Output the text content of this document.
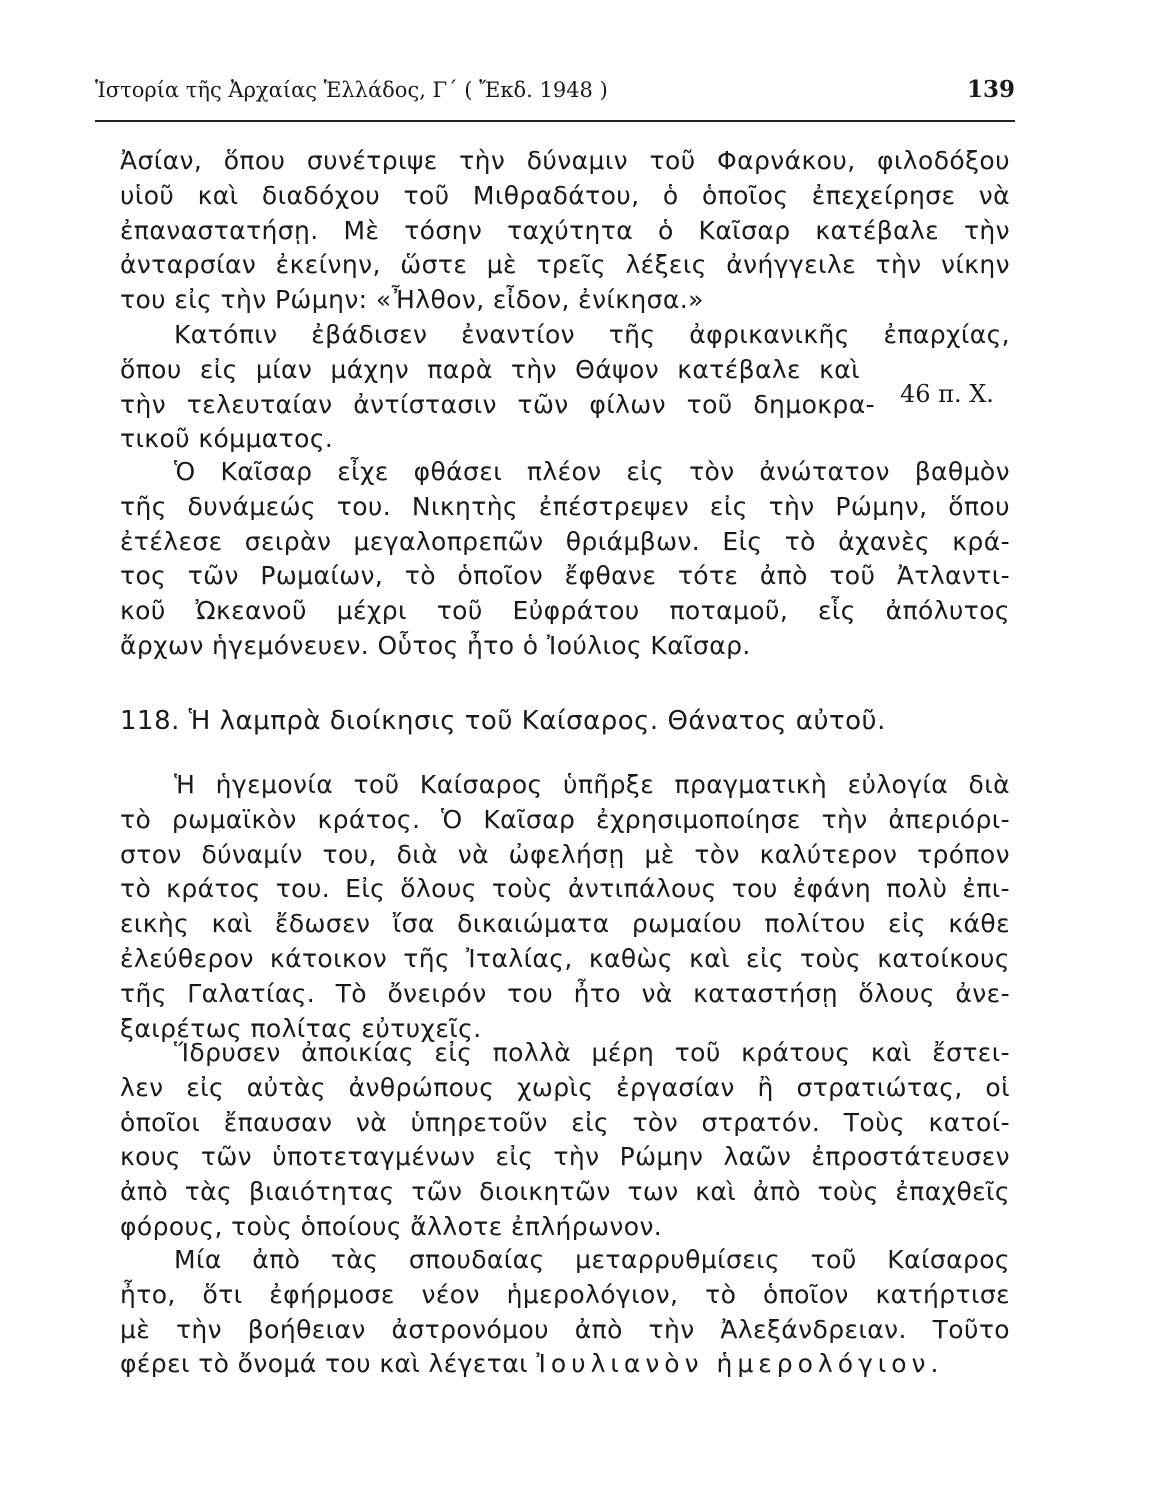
Ἱστορία τῆς Ἀρχαίας Ἑλλάδος, Γ΄ ( Ἔκδ. 1948 )	139
Ἀσίαν, ὅπου συνέτριψε τὴν δύναμιν τοῦ Φαρνάκου, φιλοδόξου
υἱοῦ καὶ διαδόχου τοῦ Μιθραδάτου, ὁ ὁποῖος ἐπεχείρησε νὰ
ἐπαναστατήσῃ. Μὲ τόσην ταχύτητα ὁ Καῖσαρ κατέβαλε τὴν
ἀνταρσίαν ἐκείνην, ὥστε μὲ τρεῖς λέξεις ἀνήγγειλε τὴν νίκην
του εἰς τὴν Ρώμην: «Ἦλθον, εἶδον, ἐνίκησα.»
Κατόπιν ἐβάδισεν ἐναντίον τῆς ἀφρικανικῆς ἐπαρχίας,
ὅπου εἰς μίαν μάχην παρὰ τὴν Θάψον κατέβαλε καὶ
τὴν τελευταίαν ἀντίστασιν τῶν φίλων τοῦ δημοκρα-
τικοῦ κόμματος.
46 π. Χ.
Ὁ Καῖσαρ εἶχε φθάσει πλέον εἰς τὸν ἀνώτατον βαθμὸν
τῆς δυνάμεώς του. Νικητὴς ἐπέστρεψεν εἰς τὴν Ρώμην, ὅπου
ἐτέλεσε σειρὰν μεγαλοπρεπῶν θριάμβων. Εἰς τὸ ἀχανὲς κρά-
τος τῶν Ρωμαίων, τὸ ὁποῖον ἔφθανε τότε ἀπὸ τοῦ Ἀτλαντι-
κοῦ Ὠκεανοῦ μέχρι τοῦ Εὐφράτου ποταμοῦ, εἷς ἀπόλυτος
ἄρχων ἡγεμόνευεν. Οὗτος ἦτο ὁ Ἰούλιος Καῖσαρ.
118. Ἡ λαμπρὰ διοίκησις τοῦ Καίσαρος. Θάνατος αὐτοῦ.
Ἡ ἡγεμονία τοῦ Καίσαρος ὑπῆρξε πραγματικὴ εὐλογία διὰ
τὸ ρωμαϊκὸν κράτος. Ὁ Καῖσαρ ἐχρησιμοποίησε τὴν ἀπεριόρι-
στον δύναμίν του, διὰ νὰ ὠφελήσῃ μὲ τὸν καλύτερον τρόπον
τὸ κράτος του. Εἰς ὅλους τοὺς ἀντιπάλους του ἐφάνη πολὺ ἐπι-
εικὴς καὶ ἔδωσεν ἴσα δικαιώματα ρωμαίου πολίτου εἰς κάθε
ἐλεύθερον κάτοικον τῆς Ἰταλίας, καθὼς καὶ εἰς τοὺς κατοίκους
τῆς Γαλατίας. Τὸ ὄνειρόν του ἦτο νὰ καταστήσῃ ὅλους ἀνε-
ξαιρέτως πολίτας εὐτυχεῖς.
Ἵδρυσεν ἀποικίας εἰς πολλὰ μέρη τοῦ κράτους καὶ ἔστει-
λεν εἰς αὐτὰς ἀνθρώπους χωρὶς ἐργασίαν ἢ στρατιώτας, οἱ
ὁποῖοι ἔπαυσαν νὰ ὑπηρετοῦν εἰς τὸν στρατόν. Τοὺς κατοί-
κους τῶν ὑποτεταγμένων εἰς τὴν Ρώμην λαῶν ἐπροστάτευσεν
ἀπὸ τὰς βιαιότητας τῶν διοικητῶν των καὶ ἀπὸ τοὺς ἐπαχθεῖς
φόρους, τοὺς ὁποίους ἄλλοτε ἐπλήρωνον.
Μία ἀπὸ τὰς σπουδαίας μεταρρυθμίσεις τοῦ Καίσαρος
ἦτο, ὅτι ἐφήρμοσε νέον ἡμερολόγιον, τὸ ὁποῖον κατήρτισε
μὲ τὴν βοήθειαν ἀστρονόμου ἀπὸ τὴν Ἀλεξάνδρειαν. Τοῦτο
φέρει τὸ ὄνομά του καὶ λέγεται Ἰουλιανὸν ἡμερολόγιον.
